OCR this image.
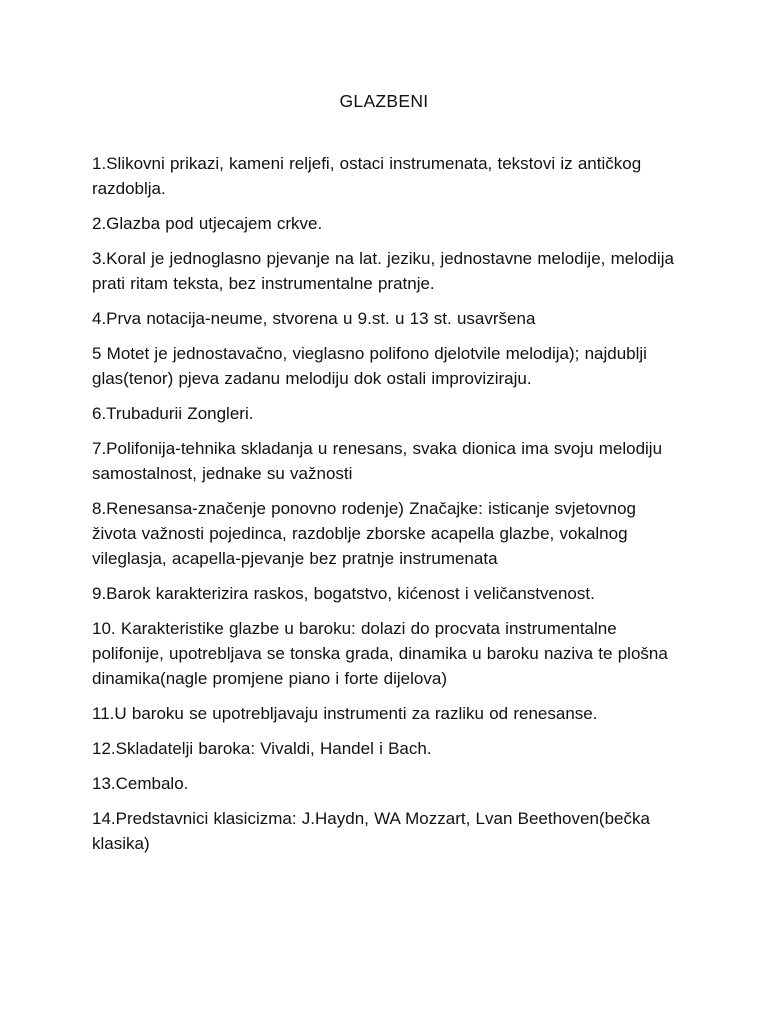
GLAZBENI

1.Slikovni prikazi, kameni reljefi, ostaci instrumenata, tekstovi iz antičkog razdoblja.

2.Glazba pod utjecajem crkve.

3.Koral je jednoglasno pjevanje na lat. jeziku, jednostavne melodije, melodija prati ritam teksta, bez instrumentalne pratnje.

4.Prva notacija-neume, stvorena u 9.st. u 13 st. usavršena

5 Motet je jednostavačno, vieglasno polifono djelotvile melodija); najdublji glas(tenor) pjeva zadanu melodiju dok ostali improviziraju.

6.Trubadurii Zongleri.

7.Polifonija-tehnika skladanja u renesans, svaka dionica ima svoju melodiju samostalnost, jednake su važnosti

8.Renesansa-značenje ponovno rodenje) Značajke: isticanje svjetovnog života važnosti pojedinca, razdoblje zborske acapella glazbe, vokalnog vileglasja, acapella-pjevanje bez pratnje instrumenata

9.Barok karakterizira raskos, bogatstvo, kićenost i veličanstvenost.

10. Karakteristike glazbe u baroku: dolazi do procvata instrumentalne polifonije, upotrebljava se tonska grada, dinamika u baroku naziva te plošna dinamika(nagle promjene piano i forte dijelova)

11.U baroku se upotrebljavaju instrumenti za razliku od renesanse.

12.Skladatelji baroka: Vivaldi, Handel i Bach.

13.Cembalo.

14.Predstavnici klasicizma: J.Haydn, WA Mozzart, Lvan Beethoven(bečka klasika)
